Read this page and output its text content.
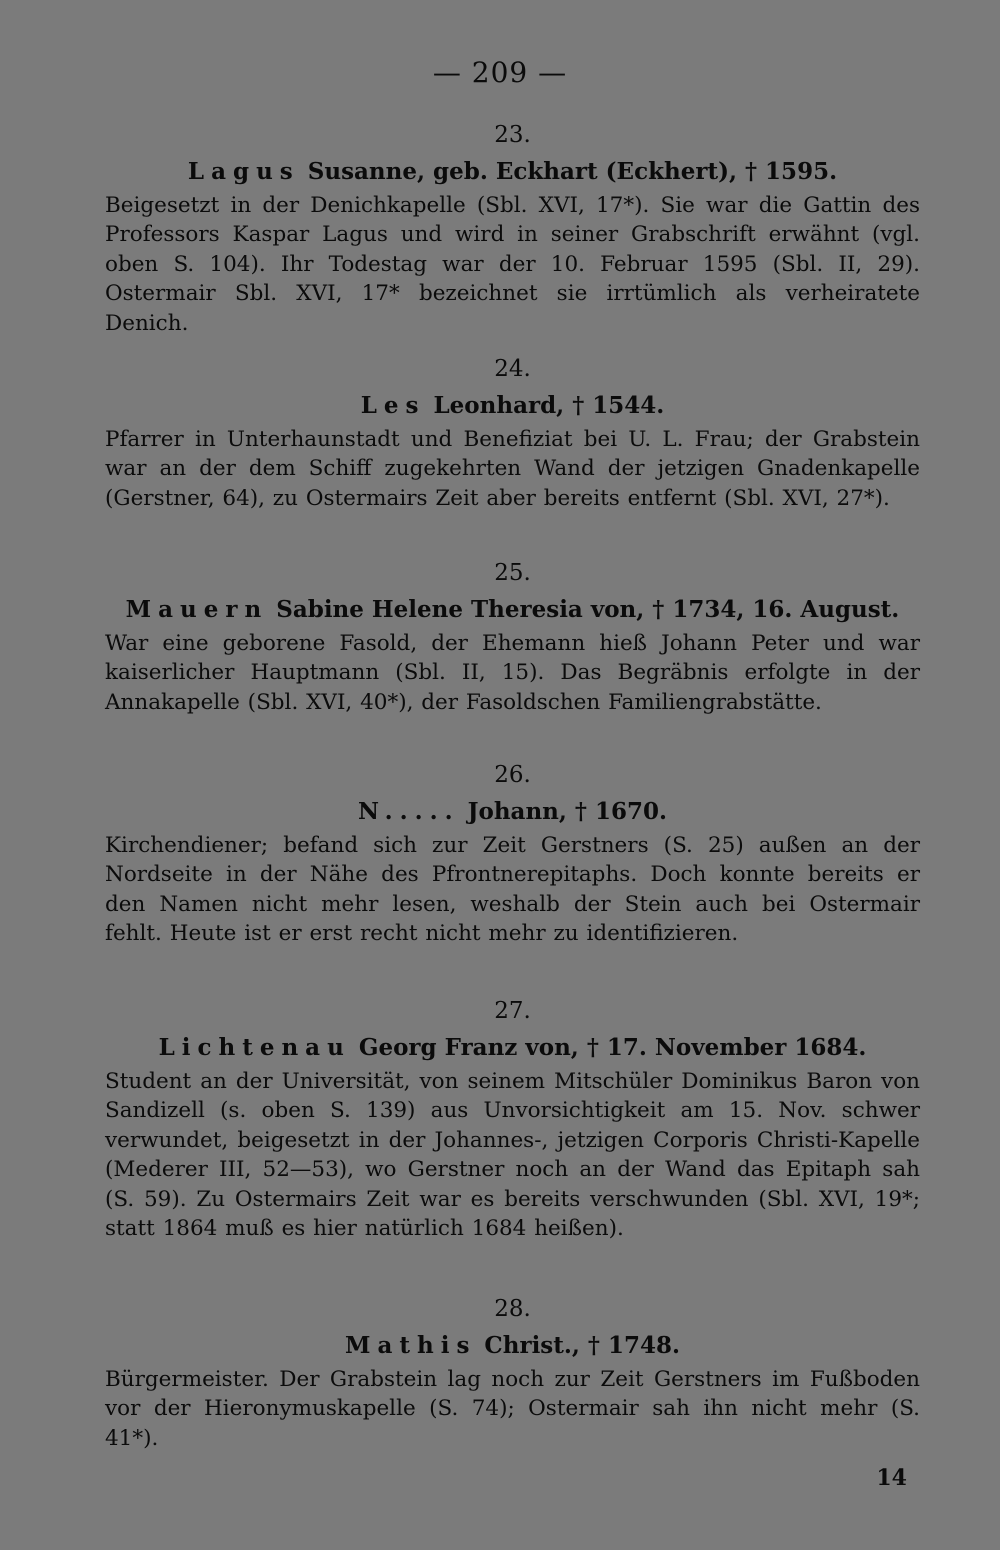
— 209 —
23.
Lagus Susanne, geb. Eckhart (Eckhert), † 1595.
Beigesetzt in der Denichkapelle (Sbl. XVI, 17*). Sie war die Gattin des Professors Kaspar Lagus und wird in seiner Grabschrift erwähnt (vgl. oben S. 104). Ihr Todestag war der 10. Februar 1595 (Sbl. II, 29). Ostermair Sbl. XVI, 17* bezeichnet sie irrtümlich als verheiratete Denich.
24.
Les Leonhard, † 1544.
Pfarrer in Unterhaunstadt und Benefiziat bei U. L. Frau; der Grabstein war an der dem Schiff zugekehrten Wand der jetzigen Gnadenkapelle (Gerstner, 64), zu Ostermairs Zeit aber bereits entfernt (Sbl. XVI, 27*).
25.
Mauern Sabine Helene Theresia von, † 1734, 16. August.
War eine geborene Fasold, der Ehemann hieß Johann Peter und war kaiserlicher Hauptmann (Sbl. II, 15). Das Begräbnis erfolgte in der Annakapelle (Sbl. XVI, 40*), der Fasoldschen Familiengrabstätte.
26.
N..... Johann, † 1670.
Kirchendiener; befand sich zur Zeit Gerstners (S. 25) außen an der Nordseite in der Nähe des Pfrontnerepitaphs. Doch konnte bereits er den Namen nicht mehr lesen, weshalb der Stein auch bei Ostermair fehlt. Heute ist er erst recht nicht mehr zu identifizieren.
27.
Lichtenau Georg Franz von, † 17. November 1684.
Student an der Universität, von seinem Mitschüler Dominikus Baron von Sandizell (s. oben S. 139) aus Unvorsichtigkeit am 15. Nov. schwer verwundet, beigesetzt in der Johannes-, jetzigen Corporis Christi-Kapelle (Mederer III, 52—53), wo Gerstner noch an der Wand das Epitaph sah (S. 59). Zu Ostermairs Zeit war es bereits verschwunden (Sbl. XVI, 19*; statt 1864 muß es hier natürlich 1684 heißen).
28.
Mathis Christ., † 1748.
Bürgermeister. Der Grabstein lag noch zur Zeit Gerstners im Fußboden vor der Hieronymuskapelle (S. 74); Ostermair sah ihn nicht mehr (S. 41*).
14
